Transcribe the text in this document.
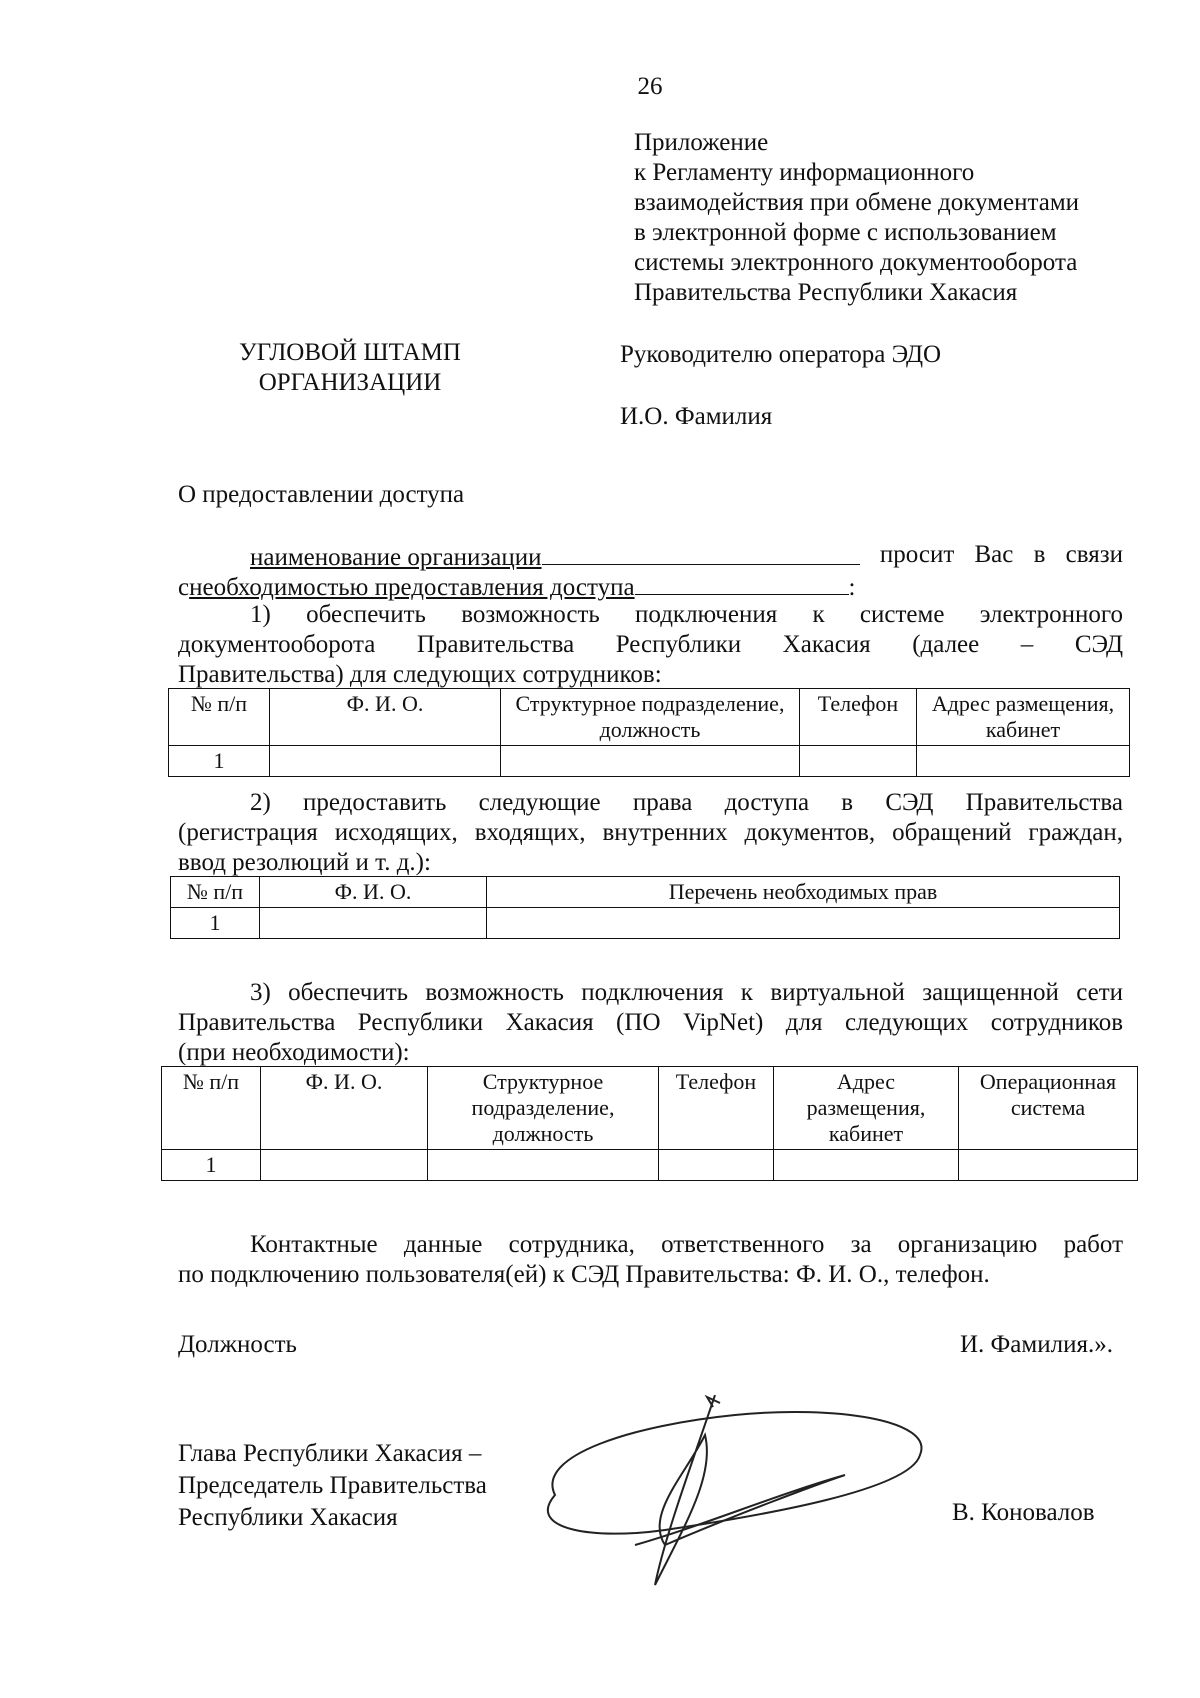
26
Приложение
к Регламенту информационного
взаимодействия при обмене документами
в электронной форме с использованием
системы электронного документооборота
Правительства Республики Хакасия
УГЛОВОЙ ШТАМП
ОРГАНИЗАЦИИ
Руководителю оператора ЭДО
И.О. Фамилия
О предоставлении доступа
наименование организации	просит Вас в связи
снеобходимостью предоставления доступа	:
1) обеспечить возможность подключения к системе электронного
документооборота Правительства Республики Хакасия (далее – СЭД
Правительства) для следующих сотрудников:
№ п/п	Ф. И. О.	Структурное подразделение, должность	Телефон	Адрес размещения, кабинет
1				
2) предоставить следующие права доступа в СЭД Правительства
(регистрация исходящих, входящих, внутренних документов, обращений граждан,
ввод резолюций и т. д.):
№ п/п	Ф. И. О.	Перечень необходимых прав
1		
3) обеспечить возможность подключения к виртуальной защищенной сети
Правительства Республики Хакасия (ПО VipNet) для следующих сотрудников
(при необходимости):
№ п/п	Ф. И. О.	Структурное подразделение, должность	Телефон	Адрес размещения, кабинет	Операционная система
1					
Контактные данные сотрудника, ответственного за организацию работ
по подключению пользователя(ей) к СЭД Правительства: Ф. И. О., телефон.
Должность	И. Фамилия.».
Глава Республики Хакасия –
Председатель Правительства
Республики Хакасия	В. Коновалов
